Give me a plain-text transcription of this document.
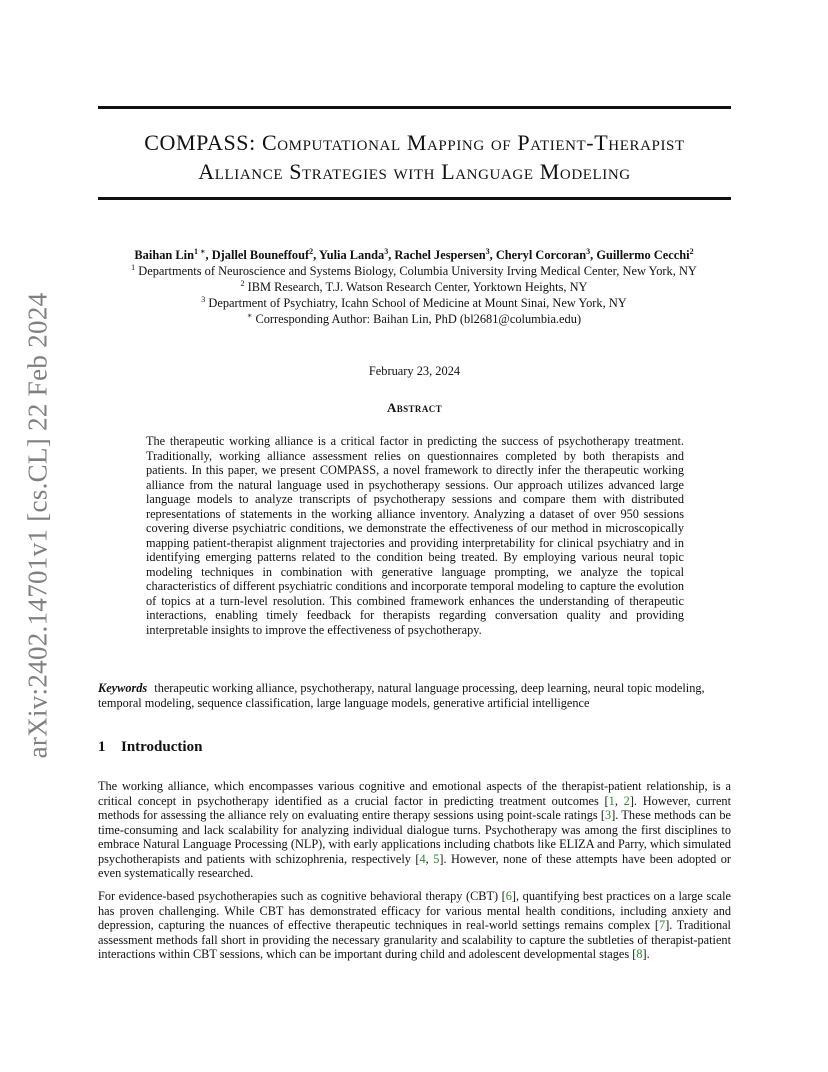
arXiv:2402.14701v1 [cs.CL] 22 Feb 2024
COMPASS: Computational Mapping of Patient-Therapist
Alliance Strategies with Language Modeling
Baihan Lin$^{1 ∗}$, Djallel Bouneffouf$^2$, Yulia Landa$^3$, Rachel Jespersen$^3$, Cheryl Corcoran$^3$, Guillermo Cecchi$^2$
$^1$ Departments of Neuroscience and Systems Biology, Columbia University Irving Medical Center, New York, NY
$^2$ IBM Research, T.J. Watson Research Center, Yorktown Heights, NY
$^3$ Department of Psychiatry, Icahn School of Medicine at Mount Sinai, New York, NY
∗ Corresponding Author: Baihan Lin, PhD (bl2681@columbia.edu)
February 23, 2024
Abstract

The therapeutic working alliance is a critical factor in predicting the success of psychotherapy treatment. Traditionally, working alliance assessment relies on questionnaires completed by both therapists and patients. In this paper, we present COMPASS, a novel framework to directly infer the therapeutic working alliance from the natural language used in psychotherapy sessions. Our approach utilizes advanced large language models to analyze transcripts of psychotherapy sessions and compare them with distributed representations of statements in the working alliance inventory. Analyzing a dataset of over 950 sessions covering diverse psychiatric conditions, we demonstrate the effectiveness of our method in microscopically mapping patient-therapist alignment trajectories and providing interpretability for clinical psychiatry and in identifying emerging patterns related to the condition being treated. By employing various neural topic modeling techniques in combination with generative language prompting, we analyze the topical characteristics of different psychiatric conditions and incorporate temporal modeling to capture the evolution of topics at a turn-level resolution. This combined framework enhances the understanding of therapeutic interactions, enabling timely feedback for therapists regarding conversation quality and providing interpretable insights to improve the effectiveness of psychotherapy.

Keywords therapeutic working alliance, psychotherapy, natural language processing, deep learning, neural topic modeling, temporal modeling, sequence classification, large language models, generative artificial intelligence

1 Introduction

The working alliance, which encompasses various cognitive and emotional aspects of the therapist-patient relationship, is a critical concept in psychotherapy identified as a crucial factor in predicting treatment outcomes [1, 2]. However, current methods for assessing the alliance rely on evaluating entire therapy sessions using point-scale ratings [3]. These methods can be time-consuming and lack scalability for analyzing individual dialogue turns. Psychotherapy was among the first disciplines to embrace Natural Language Processing (NLP), with early applications including chatbots like ELIZA and Parry, which simulated psychotherapists and patients with schizophrenia, respectively [4, 5]. However, none of these attempts have been adopted or even systematically researched.

For evidence-based psychotherapies such as cognitive behavioral therapy (CBT) [6], quantifying best practices on a large scale has proven challenging. While CBT has demonstrated efficacy for various mental health conditions, including anxiety and depression, capturing the nuances of effective therapeutic techniques in real-world settings remains complex [7]. Traditional assessment methods fall short in providing the necessary granularity and scalability to capture the subtleties of therapist-patient interactions within CBT sessions, which can be important during child and adolescent developmental stages [8].
